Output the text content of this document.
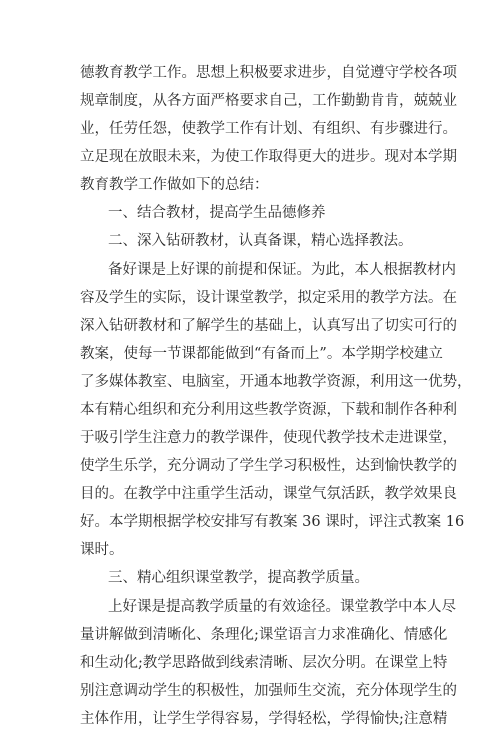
德教育教学工作。思想上积极要求进步，自觉遵守学校各项
规章制度，从各方面严格要求自己，工作勤勤肯肯，兢兢业
业，任劳任怨，使教学工作有计划、有组织、有步骤进行。
立足现在放眼未来，为使工作取得更大的进步。现对本学期
教育教学工作做如下的总结：
一、结合教材，提高学生品德修养
二、深入钻研教材，认真备课，精心选择教法。
备好课是上好课的前提和保证。为此，本人根据教材内
容及学生的实际，设计课堂教学，拟定采用的教学方法。在
深入钻研教材和了解学生的基础上，认真写出了切实可行的
教案，使每一节课都能做到“有备而上”。本学期学校建立
了多媒体教室、电脑室，开通本地教学资源，利用这一优势，
本有精心组织和充分利用这些教学资源，下载和制作各种利
于吸引学生注意力的教学课件，使现代教学技术走进课堂，
使学生乐学，充分调动了学生学习积极性，达到愉快教学的
目的。在教学中注重学生活动，课堂气氛活跃，教学效果良
好。本学期根据学校安排写有教案 36 课时，评注式教案 16
课时。
三、精心组织课堂教学，提高教学质量。
上好课是提高教学质量的有效途径。课堂教学中本人尽
量讲解做到清晰化、条理化;课堂语言力求准确化、情感化
和生动化;教学思路做到线索清晰、层次分明。在课堂上特
别注意调动学生的积极性，加强师生交流，充分体现学生的
主体作用，让学生学得容易，学得轻松，学得愉快;注意精
